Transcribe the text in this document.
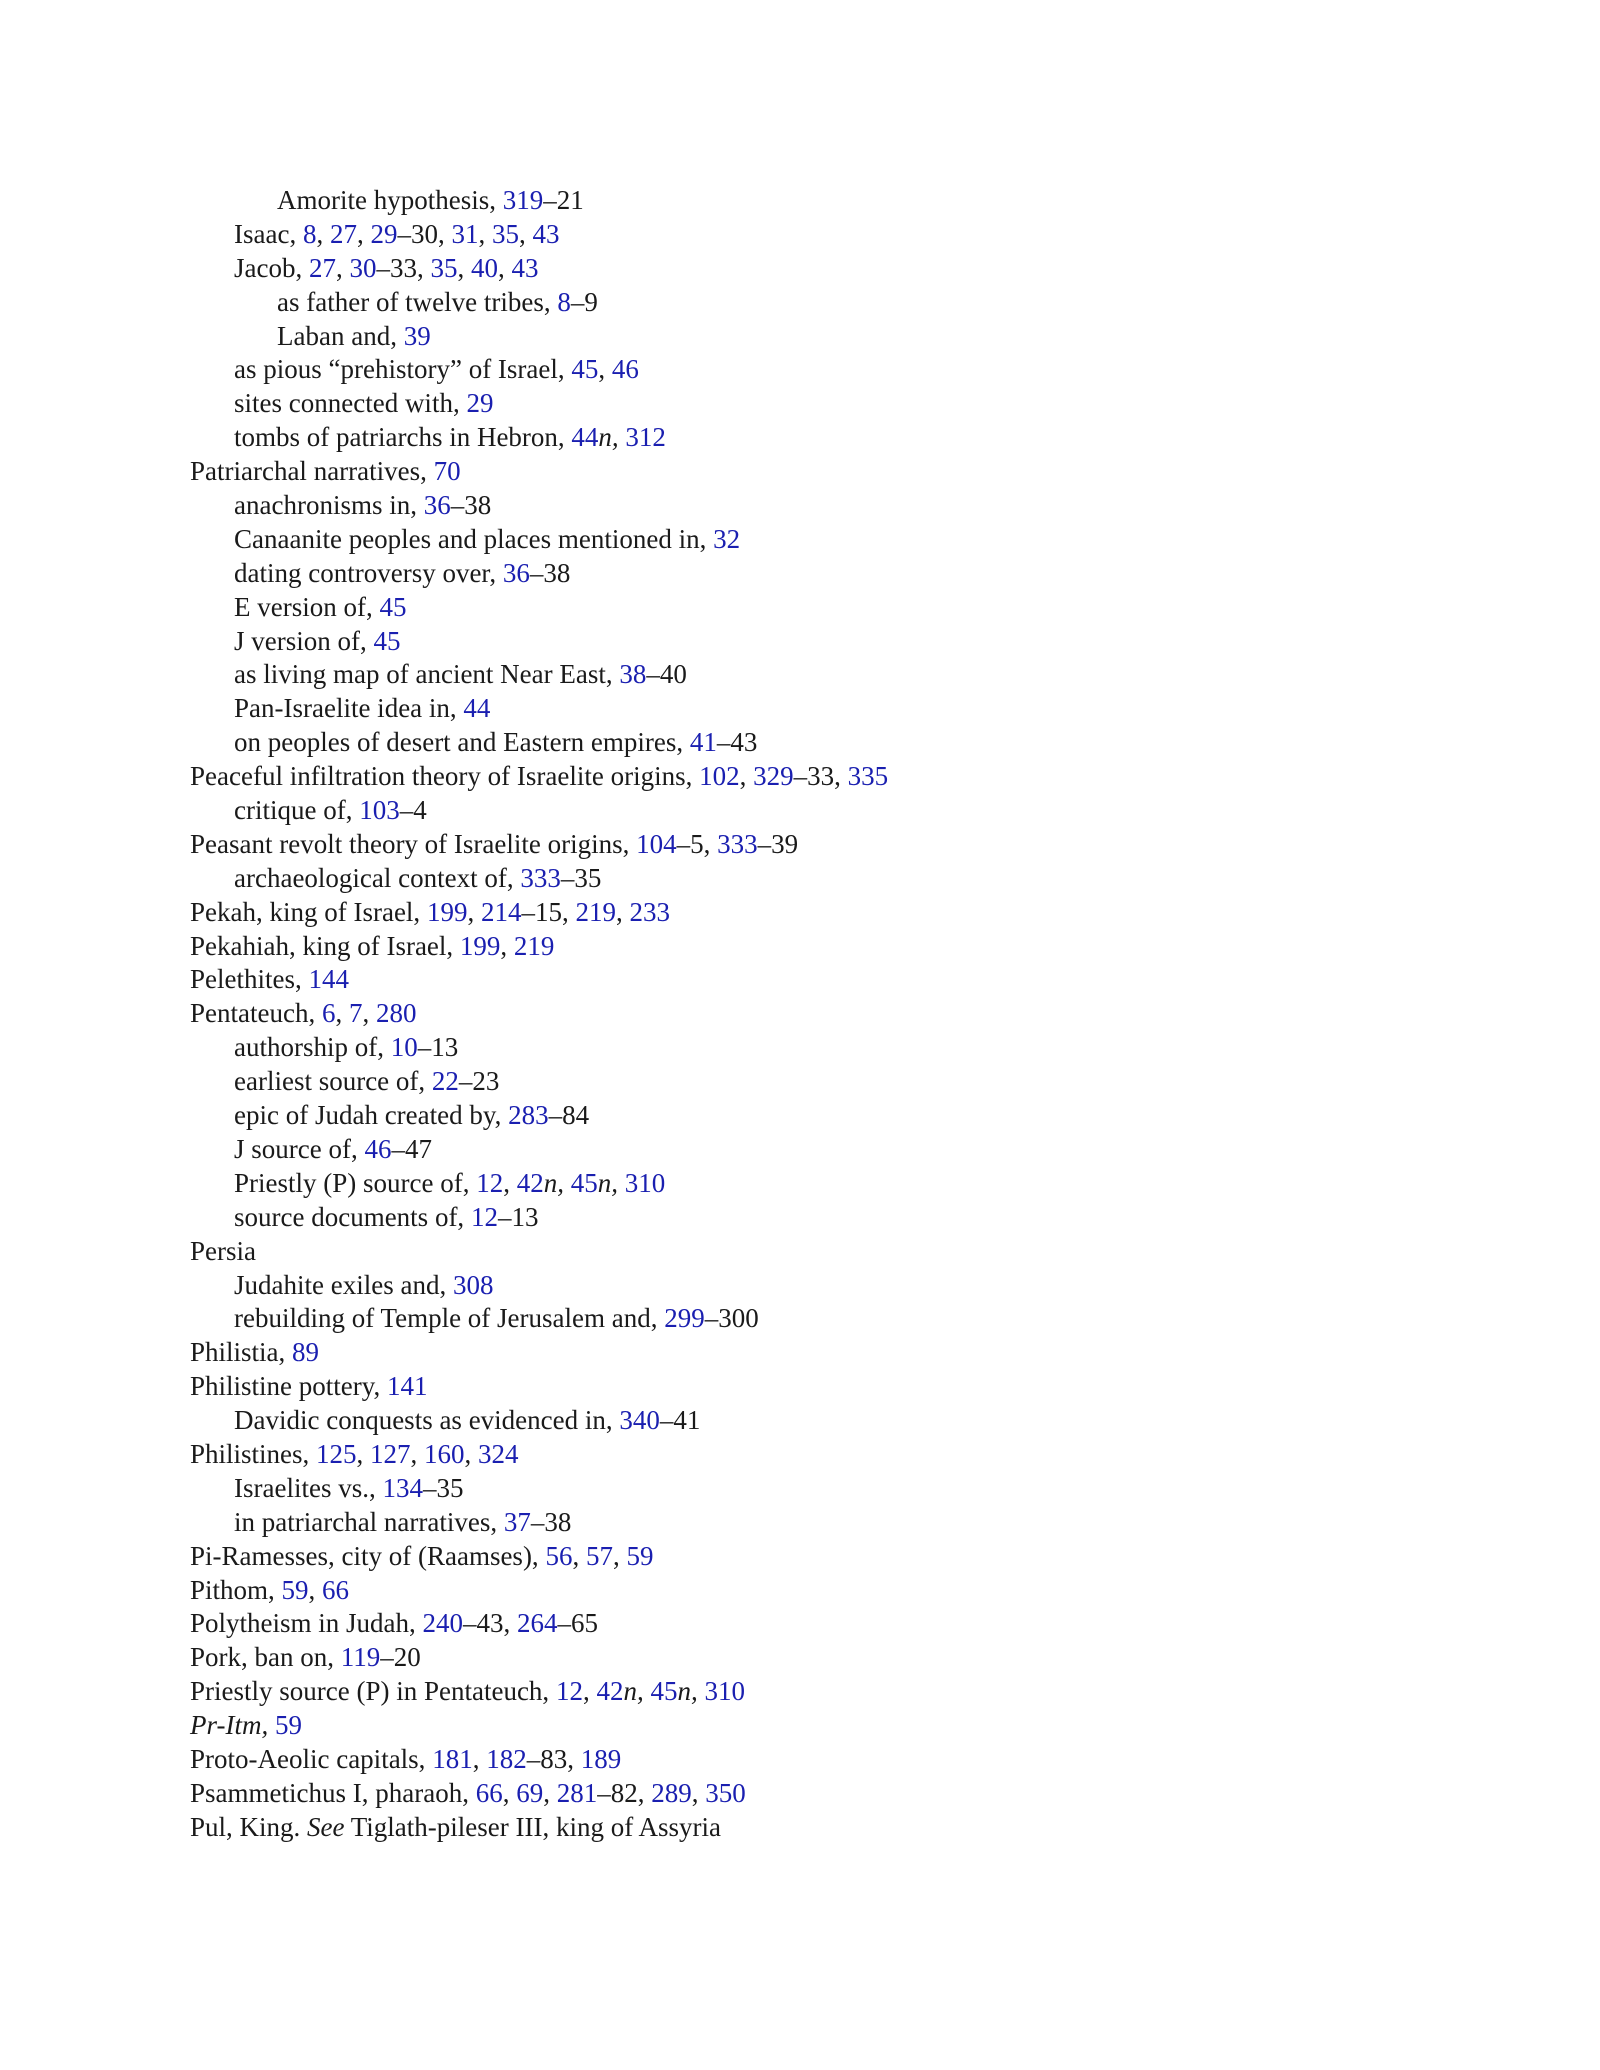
Amorite hypothesis, 319–21
Isaac, 8, 27, 29–30, 31, 35, 43
Jacob, 27, 30–33, 35, 40, 43
as father of twelve tribes, 8–9
Laban and, 39
as pious “prehistory” of Israel, 45, 46
sites connected with, 29
tombs of patriarchs in Hebron, 44n, 312
Patriarchal narratives, 70
anachronisms in, 36–38
Canaanite peoples and places mentioned in, 32
dating controversy over, 36–38
E version of, 45
J version of, 45
as living map of ancient Near East, 38–40
Pan-Israelite idea in, 44
on peoples of desert and Eastern empires, 41–43
Peaceful infiltration theory of Israelite origins, 102, 329–33, 335
critique of, 103–4
Peasant revolt theory of Israelite origins, 104–5, 333–39
archaeological context of, 333–35
Pekah, king of Israel, 199, 214–15, 219, 233
Pekahiah, king of Israel, 199, 219
Pelethites, 144
Pentateuch, 6, 7, 280
authorship of, 10–13
earliest source of, 22–23
epic of Judah created by, 283–84
J source of, 46–47
Priestly (P) source of, 12, 42n, 45n, 310
source documents of, 12–13
Persia
Judahite exiles and, 308
rebuilding of Temple of Jerusalem and, 299–300
Philistia, 89
Philistine pottery, 141
Davidic conquests as evidenced in, 340–41
Philistines, 125, 127, 160, 324
Israelites vs., 134–35
in patriarchal narratives, 37–38
Pi-Ramesses, city of (Raamses), 56, 57, 59
Pithom, 59, 66
Polytheism in Judah, 240–43, 264–65
Pork, ban on, 119–20
Priestly source (P) in Pentateuch, 12, 42n, 45n, 310
Pr-Itm, 59
Proto-Aeolic capitals, 181, 182–83, 189
Psammetichus I, pharaoh, 66, 69, 281–82, 289, 350
Pul, King. See Tiglath-pileser III, king of Assyria
